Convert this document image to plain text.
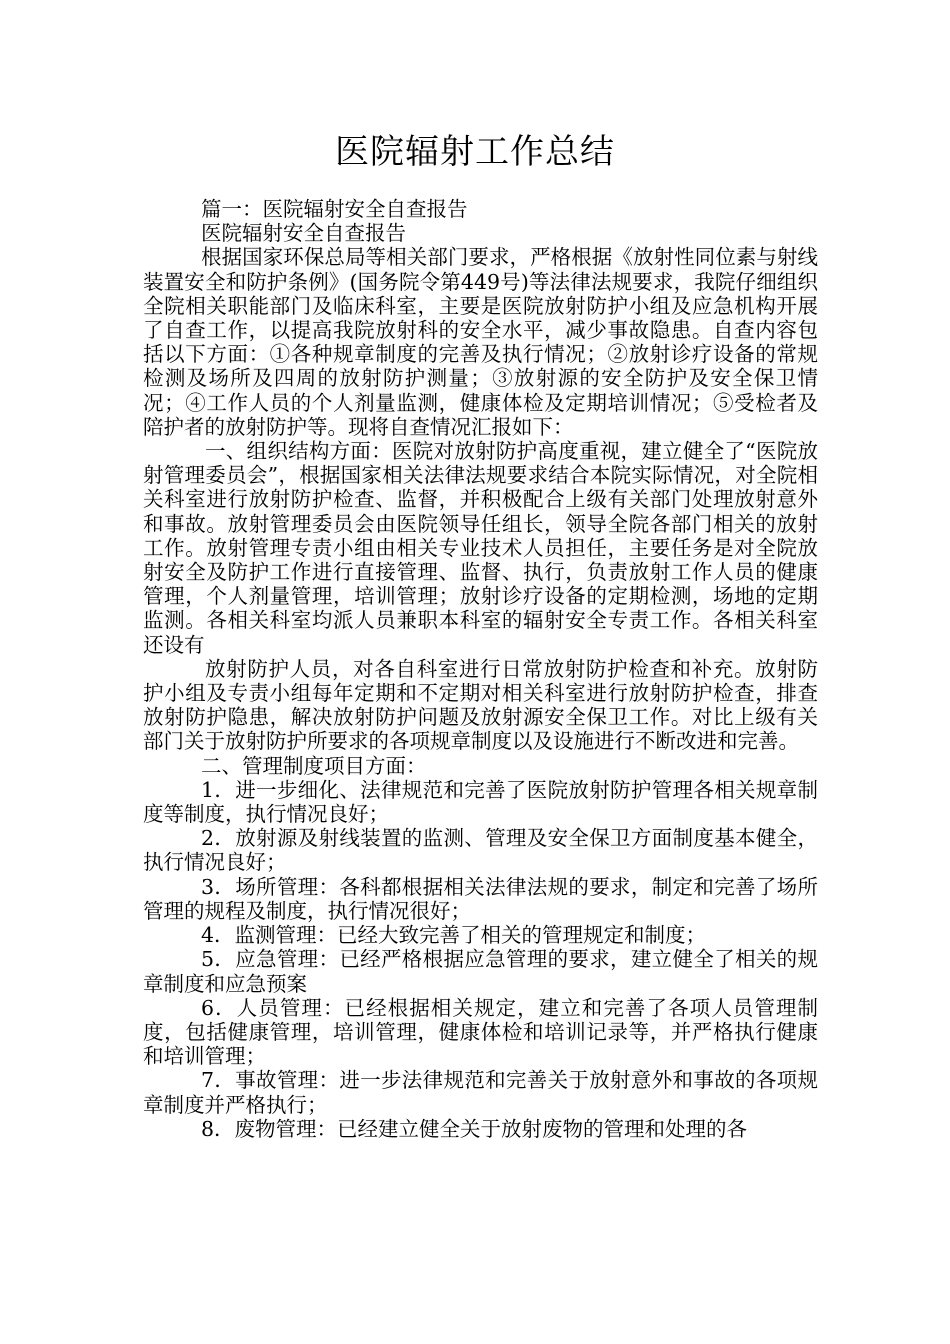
医院辐射工作总结

篇一：医院辐射安全自查报告

医院辐射安全自查报告

根据国家环保总局等相关部门要求，严格根据《放射性同位素与射线装置安全和防护条例》(国务院令第449号)等法律法规要求，我院仔细组织全院相关职能部门及临床科室，主要是医院放射防护小组及应急机构开展了自查工作，以提高我院放射科的安全水平，减少事故隐患。自查内容包括以下方面：①各种规章制度的完善及执行情况；②放射诊疗设备的常规检测及场所及四周的放射防护测量；③放射源的安全防护及安全保卫情况；④工作人员的个人剂量监测，健康体检及定期培训情况；⑤受检者及陪护者的放射防护等。现将自查情况汇报如下：

一、组织结构方面：医院对放射防护高度重视，建立健全了“医院放射管理委员会”，根据国家相关法律法规要求结合本院实际情况，对全院相关科室进行放射防护检查、监督，并积极配合上级有关部门处理放射意外和事故。放射管理委员会由医院领导任组长，领导全院各部门相关的放射工作。放射管理专责小组由相关专业技术人员担任，主要任务是对全院放射安全及防护工作进行直接管理、监督、执行，负责放射工作人员的健康管理，个人剂量管理，培训管理；放射诊疗设备的定期检测，场地的定期监测。各相关科室均派人员兼职本科室的辐射安全专责工作。各相关科室还设有

放射防护人员，对各自科室进行日常放射防护检查和补充。放射防护小组及专责小组每年定期和不定期对相关科室进行放射防护检查，排查放射防护隐患，解决放射防护问题及放射源安全保卫工作。对比上级有关部门关于放射防护所要求的各项规章制度以及设施进行不断改进和完善。

二、管理制度项目方面：

1．进一步细化、法律规范和完善了医院放射防护管理各相关规章制度等制度，执行情况良好；

2．放射源及射线装置的监测、管理及安全保卫方面制度基本健全，执行情况良好；

3．场所管理：各科都根据相关法律法规的要求，制定和完善了场所管理的规程及制度，执行情况很好；

4．监测管理：已经大致完善了相关的管理规定和制度；

5．应急管理：已经严格根据应急管理的要求，建立健全了相关的规章制度和应急预案

6．人员管理：已经根据相关规定，建立和完善了各项人员管理制度，包括健康管理，培训管理，健康体检和培训记录等，并严格执行健康和培训管理；

7．事故管理：进一步法律规范和完善关于放射意外和事故的各项规章制度并严格执行；

8．废物管理：已经建立健全关于放射废物的管理和处理的各
